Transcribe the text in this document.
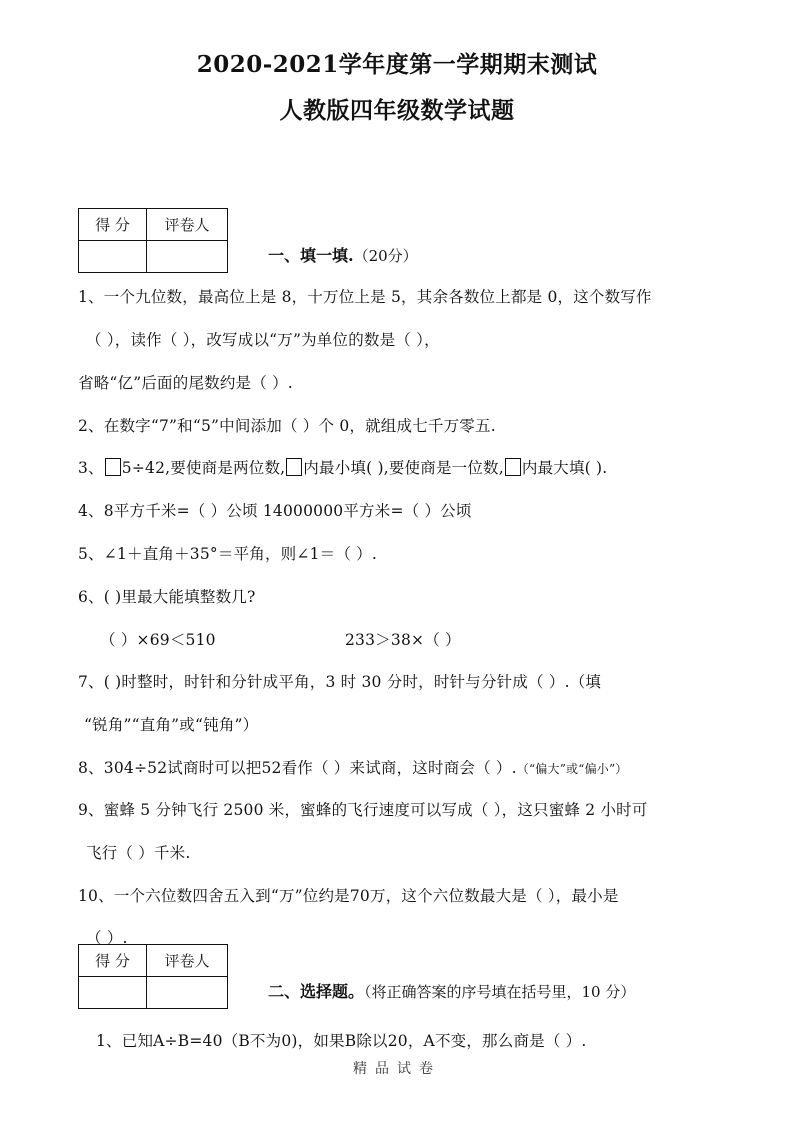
2020-2021学年度第一学期期末测试
人教版四年级数学试题
得 分	评卷人

一、填一填.（20分）
1、一个九位数，最高位上是 8，十万位上是 5，其余各数位上都是 0，这个数写作
（ ），读作（ ），改写成以“万”为单位的数是（ ），
省略“亿”后面的尾数约是（ ）.
2、在数字“7”和“5”中间添加（ ）个 0，就组成七千万零五.
3、 5÷42,要使商是两位数, 内最小填( ),要使商是一位数, 内最大填( ).
4、8平方千米=（ ）公顷 14000000平方米=（ ）公顷
5、∠1＋直角＋35°＝平角，则∠1＝（ ）.
6、( )里最大能填整数几?
（ ）×69＜510	233＞38×（ ）
7、( )时整时，时针和分针成平角，3 时 30 分时，时针与分针成（ ）.（填
“锐角”“直角”或“钝角”）
8、304÷52试商时可以把52看作（ ）来试商，这时商会（ ）.（“偏大”或“偏小”）
9、蜜蜂 5 分钟飞行 2500 米，蜜蜂的飞行速度可以写成（ ），这只蜜蜂 2 小时可
飞行（ ）千米.
10、一个六位数四舍五入到“万”位约是70万，这个六位数最大是（ ），最小是
（ ）.
得 分	评卷人

二、选择题。（将正确答案的序号填在括号里，10 分）
1、已知A÷B=40（B不为0)，如果B除以20，A不变，那么商是（ ）.
精品试卷
